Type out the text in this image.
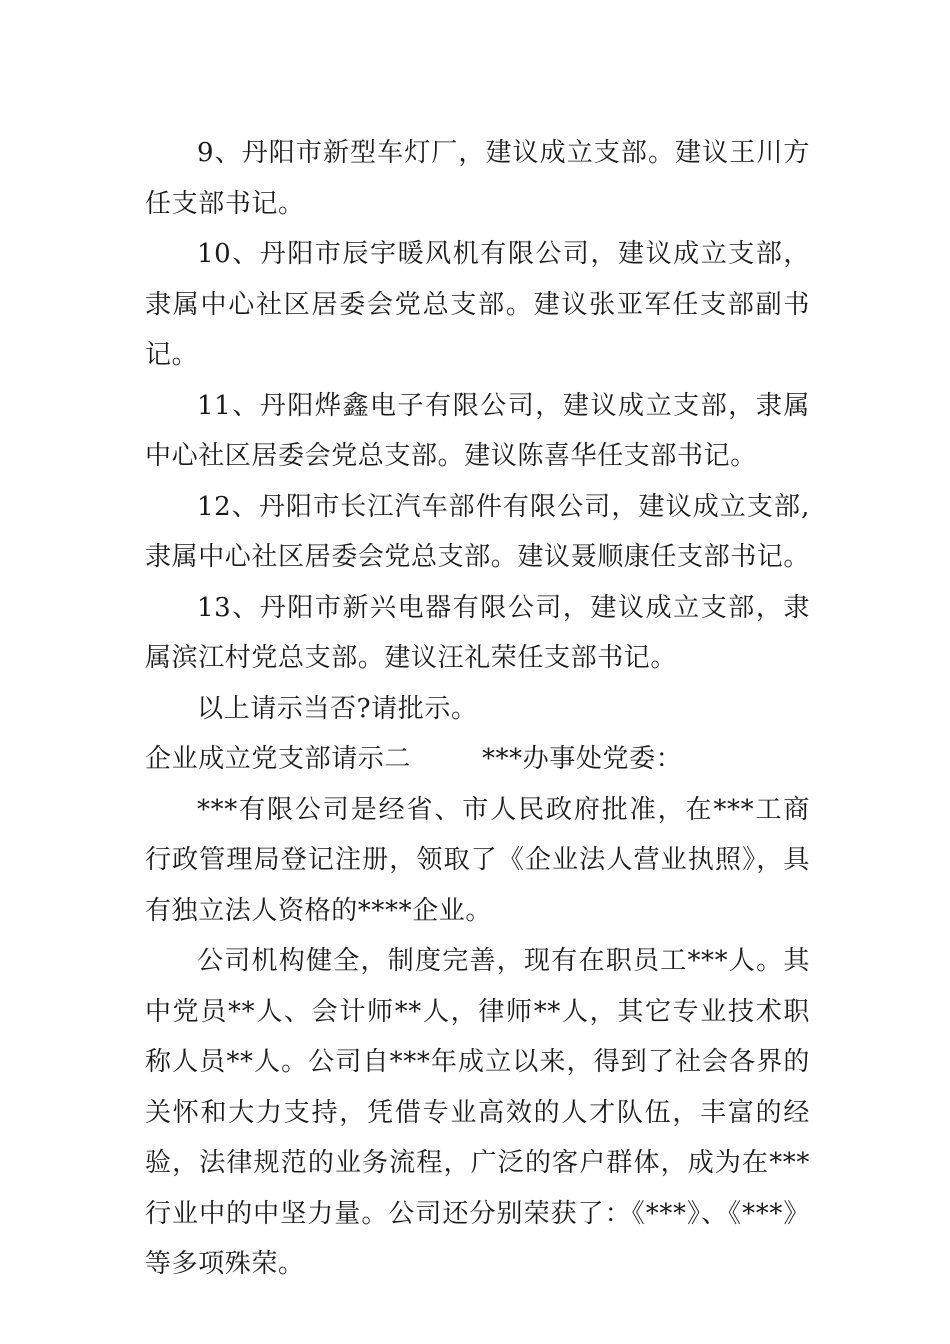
9、丹阳市新型车灯厂，建议成立支部。建议王川方任支部书记。

10、丹阳市辰宇暖风机有限公司，建议成立支部，隶属中心社区居委会党总支部。建议张亚军任支部副书记。

11、丹阳烨鑫电子有限公司，建议成立支部，隶属中心社区居委会党总支部。建议陈喜华任支部书记。

12、丹阳市长江汽车部件有限公司，建议成立支部,隶属中心社区居委会党总支部。建议聂顺康任支部书记。

13、丹阳市新兴电器有限公司，建议成立支部，隶属滨江村党总支部。建议汪礼荣任支部书记。

以上请示当否?请批示。

企业成立党支部请示二	***办事处党委：

***有限公司是经省、市人民政府批准，在***工商行政管理局登记注册，领取了《企业法人营业执照》，具有独立法人资格的****企业。

公司机构健全，制度完善，现有在职员工***人。其中党员**人、会计师**人，律师**人，其它专业技术职称人员**人。公司自***年成立以来，得到了社会各界的关怀和大力支持，凭借专业高效的人才队伍，丰富的经验，法律规范的业务流程，广泛的客户群体，成为在***行业中的中坚力量。公司还分别荣获了：《***》、《***》等多项殊荣。
